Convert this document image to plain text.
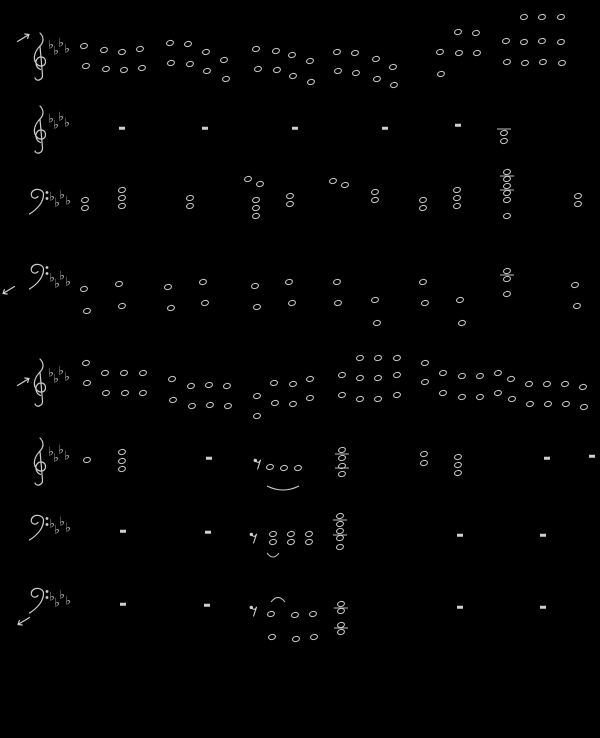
♭ ♭
♭ ♭
♭ ♭
♭ ♭
♭ ♭
♭ ♭
♭ ♭
♭ ♭
♭ ♭
♭ ♭
♭ ♭
♭ ♭
♭ ♭
♭ ♭
♭ ♭
♭ ♭
